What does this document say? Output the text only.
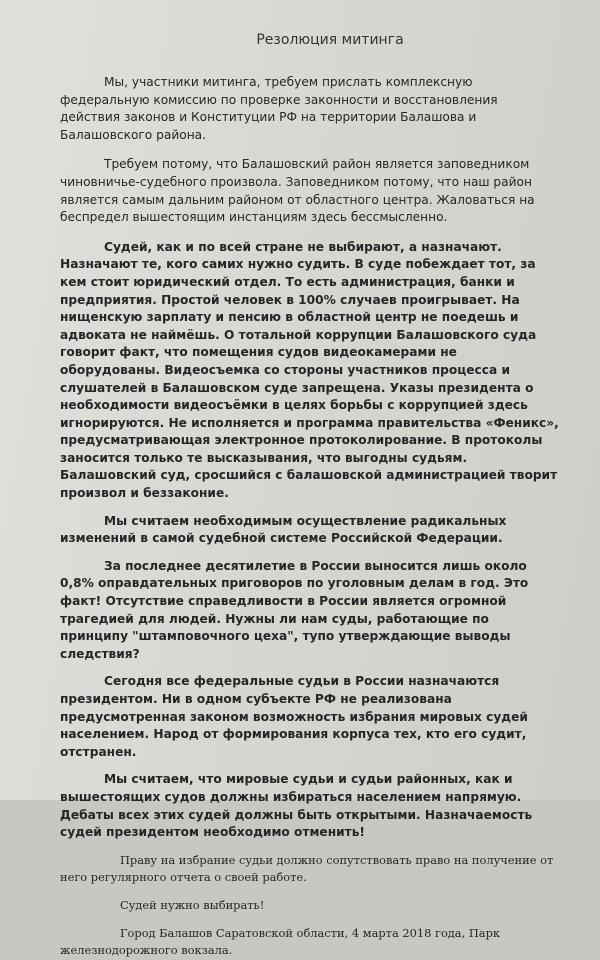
Резолюция митинга

Мы, участники митинга, требуем прислать комплексную федеральную комиссию по проверке законности и восстановления действия законов и Конституции РФ на территории Балашова и Балашовского района.

Требуем потому, что Балашовский район является заповедником чиновничье-судебного произвола. Заповедником потому, что наш район является самым дальним районом от областного центра. Жаловаться на беспредел вышестоящим инстанциям здесь бессмысленно.

Судей, как и по всей стране не выбирают, а назначают. Назначают те, кого самих нужно судить. В суде побеждает тот, за кем стоит юридический отдел. То есть администрация, банки и предприятия. Простой человек в 100% случаев проигрывает. На нищенскую зарплату и пенсию в областной центр не поедешь и адвоката не наймёшь. О тотальной коррупции Балашовского суда говорит факт, что помещения судов видеокамерами не оборудованы. Видеосъемка со стороны участников процесса и слушателей в Балашовском суде запрещена. Указы президента о необходимости видеосъёмки в целях борьбы с коррупцией здесь игнорируются. Не исполняется и программа правительства «Феникс», предусматривающая электронное протоколирование. В протоколы заносится только те высказывания, что выгодны судьям. Балашовский суд, сросшийся с балашовской администрацией творит произвол и беззаконие.

Мы считаем необходимым осуществление радикальных изменений в самой судебной системе Российской Федерации.

За последнее десятилетие в России выносится лишь около 0,8% оправдательных приговоров по уголовным делам в год. Это факт! Отсутствие справедливости в России является огромной трагедией для людей. Нужны ли нам суды, работающие по принципу "штамповочного цеха", тупо утверждающие выводы следствия?

Сегодня все федеральные судьи в России назначаются президентом. Ни в одном субъекте РФ не реализована предусмотренная законом возможность избрания мировых судей населением. Народ от формирования корпуса тех, кто его судит, отстранен.

Мы считаем, что мировые судьи и судьи районных, как и вышестоящих судов должны избираться населением напрямую. Дебаты всех этих судей должны быть открытыми. Назначаемость судей президентом необходимо отменить!

Праву на избрание судьи должно сопутствовать право на получение от него регулярного отчета о своей работе.

Судей нужно выбирать!

Город Балашов Саратовской области, 4 марта 2018 года, Парк железнодорожного вокзала.
